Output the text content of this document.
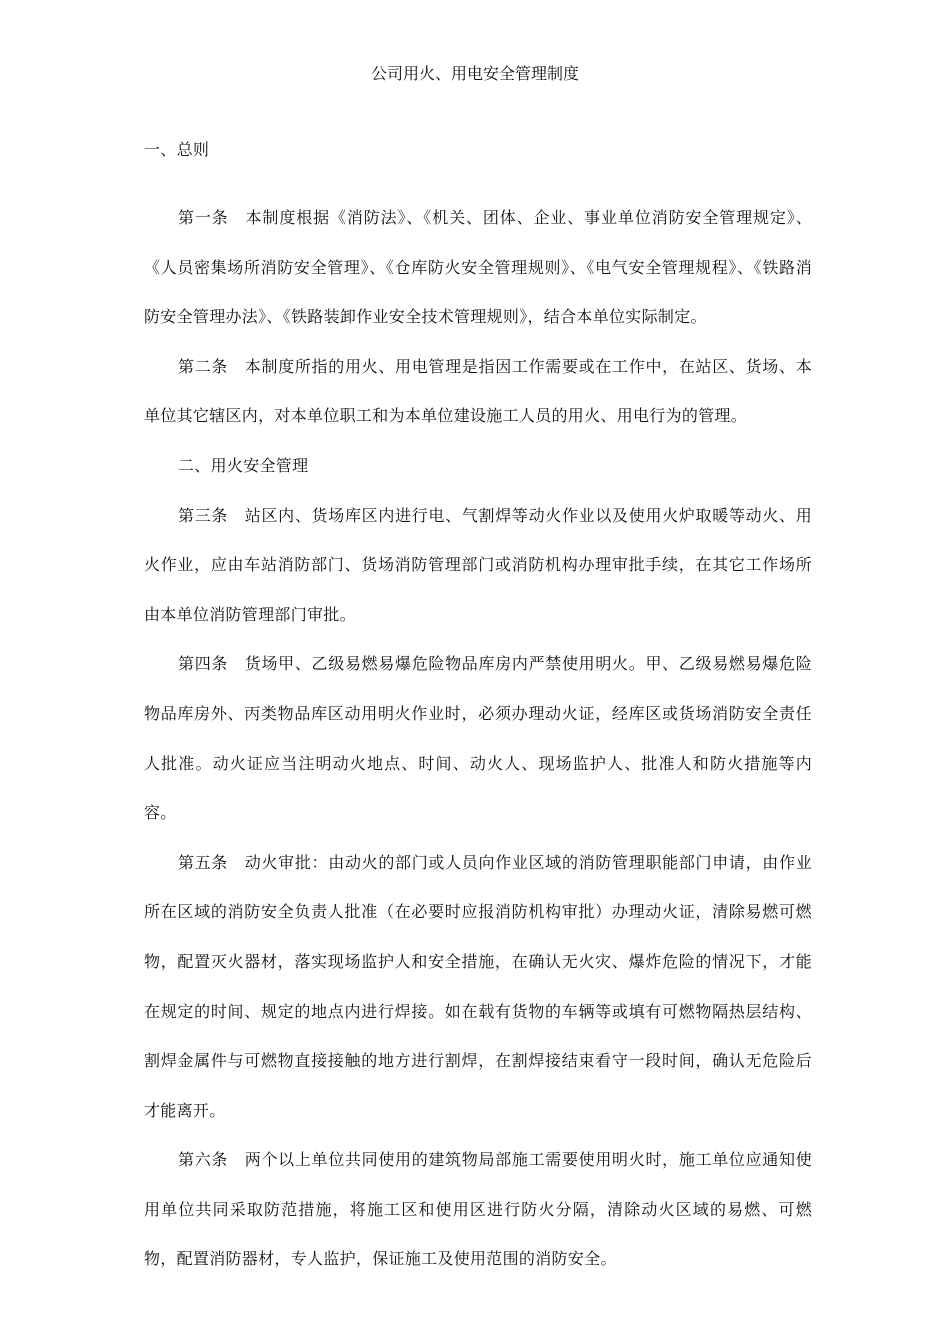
公司用火、用电安全管理制度

一、总则

第一条　本制度根据《消防法》、《机关、团体、企业、事业单位消防安全管理规定》、《人员密集场所消防安全管理》、《仓库防火安全管理规则》、《电气安全管理规程》、《铁路消防安全管理办法》、《铁路装卸作业安全技术管理规则》，结合本单位实际制定。

第二条　本制度所指的用火、用电管理是指因工作需要或在工作中，在站区、货场、本单位其它辖区内，对本单位职工和为本单位建设施工人员的用火、用电行为的管理。

二、用火安全管理

第三条　站区内、货场库区内进行电、气割焊等动火作业以及使用火炉取暖等动火、用火作业，应由车站消防部门、货场消防管理部门或消防机构办理审批手续，在其它工作场所由本单位消防管理部门审批。

第四条　货场甲、乙级易燃易爆危险物品库房内严禁使用明火。甲、乙级易燃易爆危险物品库房外、丙类物品库区动用明火作业时，必须办理动火证，经库区或货场消防安全责任人批准。动火证应当注明动火地点、时间、动火人、现场监护人、批准人和防火措施等内容。

第五条　动火审批：由动火的部门或人员向作业区域的消防管理职能部门申请，由作业所在区域的消防安全负责人批准（在必要时应报消防机构审批）办理动火证，清除易燃可燃物，配置灭火器材，落实现场监护人和安全措施，在确认无火灾、爆炸危险的情况下，才能在规定的时间、规定的地点内进行焊接。如在载有货物的车辆等或填有可燃物隔热层结构、割焊金属件与可燃物直接接触的地方进行割焊，在割焊接结束看守一段时间，确认无危险后才能离开。

第六条　两个以上单位共同使用的建筑物局部施工需要使用明火时，施工单位应通知使用单位共同采取防范措施，将施工区和使用区进行防火分隔，清除动火区域的易燃、可燃物，配置消防器材，专人监护，保证施工及使用范围的消防安全。
